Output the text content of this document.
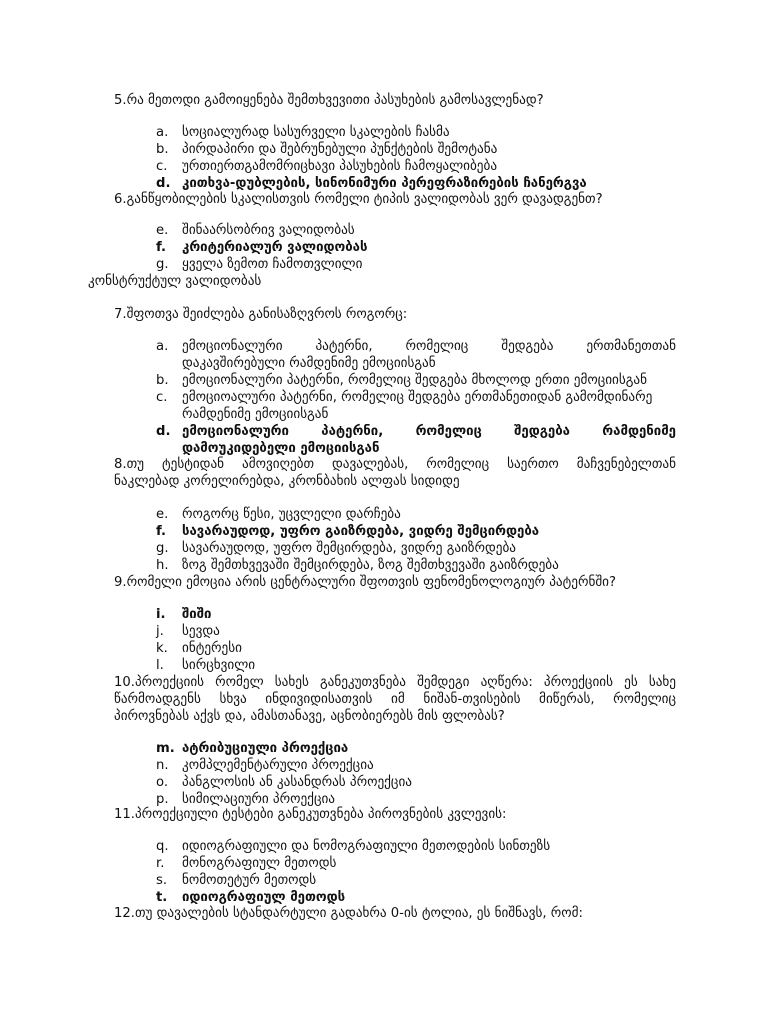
5.რა მეთოდი გამოიყენება შემთხვევითი პასუხების გამოსავლენად?
a. სოციალურად სასურველი სკალების ჩასმა
b. პირდაპირი და შებრუნებული პუნქტების შემოტანა
c. ურთიერთგამომრიცხავი პასუხების ჩამოყალიბება
d. კითხვა-დუბლების, სინონიმური პერეფრაზირების ჩანერგვა
6.განწყობილების სკალისთვის რომელი ტიპის ვალიდობას ვერ დავადგენთ?
e. შინაარსობრივ ვალიდობას
f. კრიტერიალურ ვალიდობას
g. ყველა ზემოთ ჩამოთვლილი
კონსტრუქტულ ვალიდობას
7.შფოთვა შეიძლება განისაზღვროს როგორც:
a. ემოციონალური პატერნი, რომელიც შედგება ერთმანეთთან
დაკავშირებული რამდენიმე ემოციისგან
b. ემოციონალური პატერნი, რომელიც შედგება მხოლოდ ერთი ემოციისგან
c. ემოციოალური პატერნი, რომელიც შედგება ერთმანეთიდან გამომდინარე
რამდენიმე ემოციისგან
d. ემოციონალური პატერნი, რომელიც შედგება რამდენიმე
დამოუკიდებელი ემოციისგან
8.თუ ტესტიდან ამოვიღებთ დავალებას, რომელიც საერთო მაჩვენებელთან
ნაკლებად კორელირებდა, კრონბახის ალფას სიდიდე
e. როგორც წესი, უცვლელი დარჩება
f. სავარაუდოდ, უფრო გაიზრდება, ვიდრე შემცირდება
g. სავარაუდოდ, უფრო შემცირდება, ვიდრე გაიზრდება
h. ზოგ შემთხვევაში შემცირდება, ზოგ შემთხვევაში გაიზრდება
9.რომელი ემოცია არის ცენტრალური შფოთვის ფენომენოლოგიურ პატერნში?
i. შიში
j. სევდა
k. ინტერესი
l. სირცხვილი
10.პროექციის რომელ სახეს განეკუთვნება შემდეგი აღწერა: პროექციის ეს სახე
წარმოადგენს სხვა ინდივიდისათვის იმ ნიშან-თვისების მიწერას, რომელიც
პიროვნებას აქვს და, ამასთანავე, აცნობიერებს მის ფლობას?
m. ატრიბუციული პროექცია
n. კომპლემენტარული პროექცია
o. პანგლოსის ან კასანდრას პროექცია
p. სიმილაციური პროექცია
11.პროექციული ტესტები განეკუთვნება პიროვნების კვლევის:
q. იდიოგრაფიული და ნომოგრაფიული მეთოდების სინთეზს
r. მონოგრაფიულ მეთოდს
s. ნომოთეტურ მეთოდს
t. იდიოგრაფიულ მეთოდს
12.თუ დავალების სტანდარტული გადახრა 0-ის ტოლია, ეს ნიშნავს, რომ:
